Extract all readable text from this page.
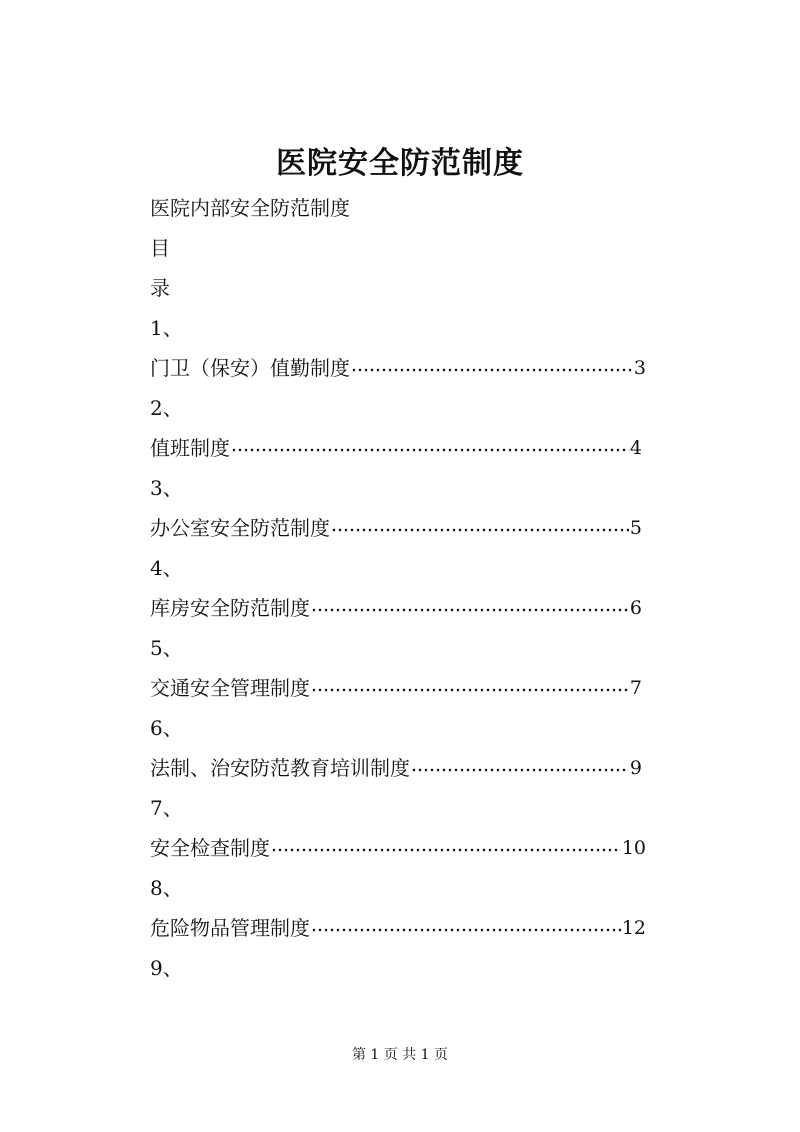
医院安全防范制度
医院内部安全防范制度
目
录
1、
门卫（保安）值勤制度	3
2、
值班制度	4
3、
办公室安全防范制度	5
4、
库房安全防范制度	6
5、
交通安全管理制度	7
6、
法制、治安防范教育培训制度	9
7、
安全检查制度	10
8、
危险物品管理制度	12
9、
第 1 页 共 1 页
